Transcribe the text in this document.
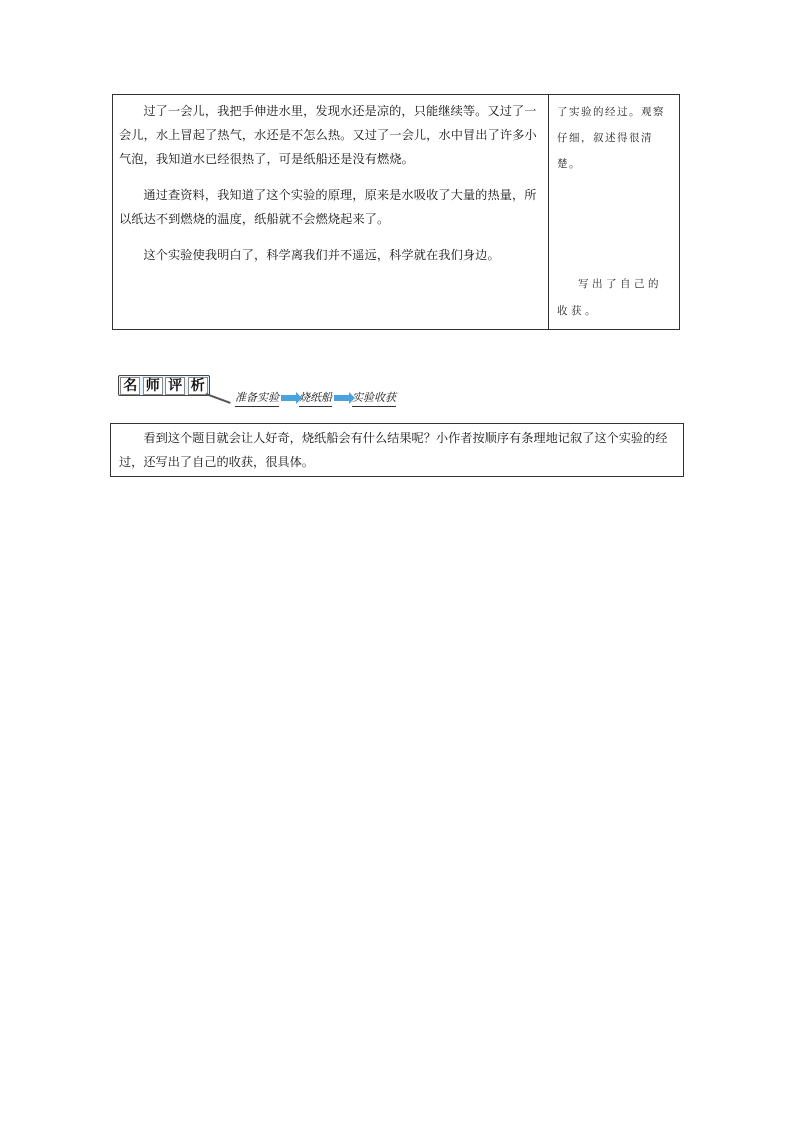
过了一会儿，我把手伸进水里，发现水还是凉的，只能继续等。又过了一会儿，水上冒起了热气，水还是不怎么热。又过了一会儿，水中冒出了许多小气泡，我知道水已经很热了，可是纸船还是没有燃烧。

通过查资料，我知道了这个实验的原理，原来是水吸收了大量的热量，所以纸达不到燃烧的温度，纸船就不会燃烧起来了。

这个实验使我明白了，科学离我们并不遥远，科学就在我们身边。

了实验的经过。观察仔细，叙述得很清楚。

写出了自己的收获。

名 师 评 析
准备实验 烧纸船 实验收获

看到这个题目就会让人好奇，烧纸船会有什么结果呢？小作者按顺序有条理地记叙了这个实验的经过，还写出了自己的收获，很具体。
